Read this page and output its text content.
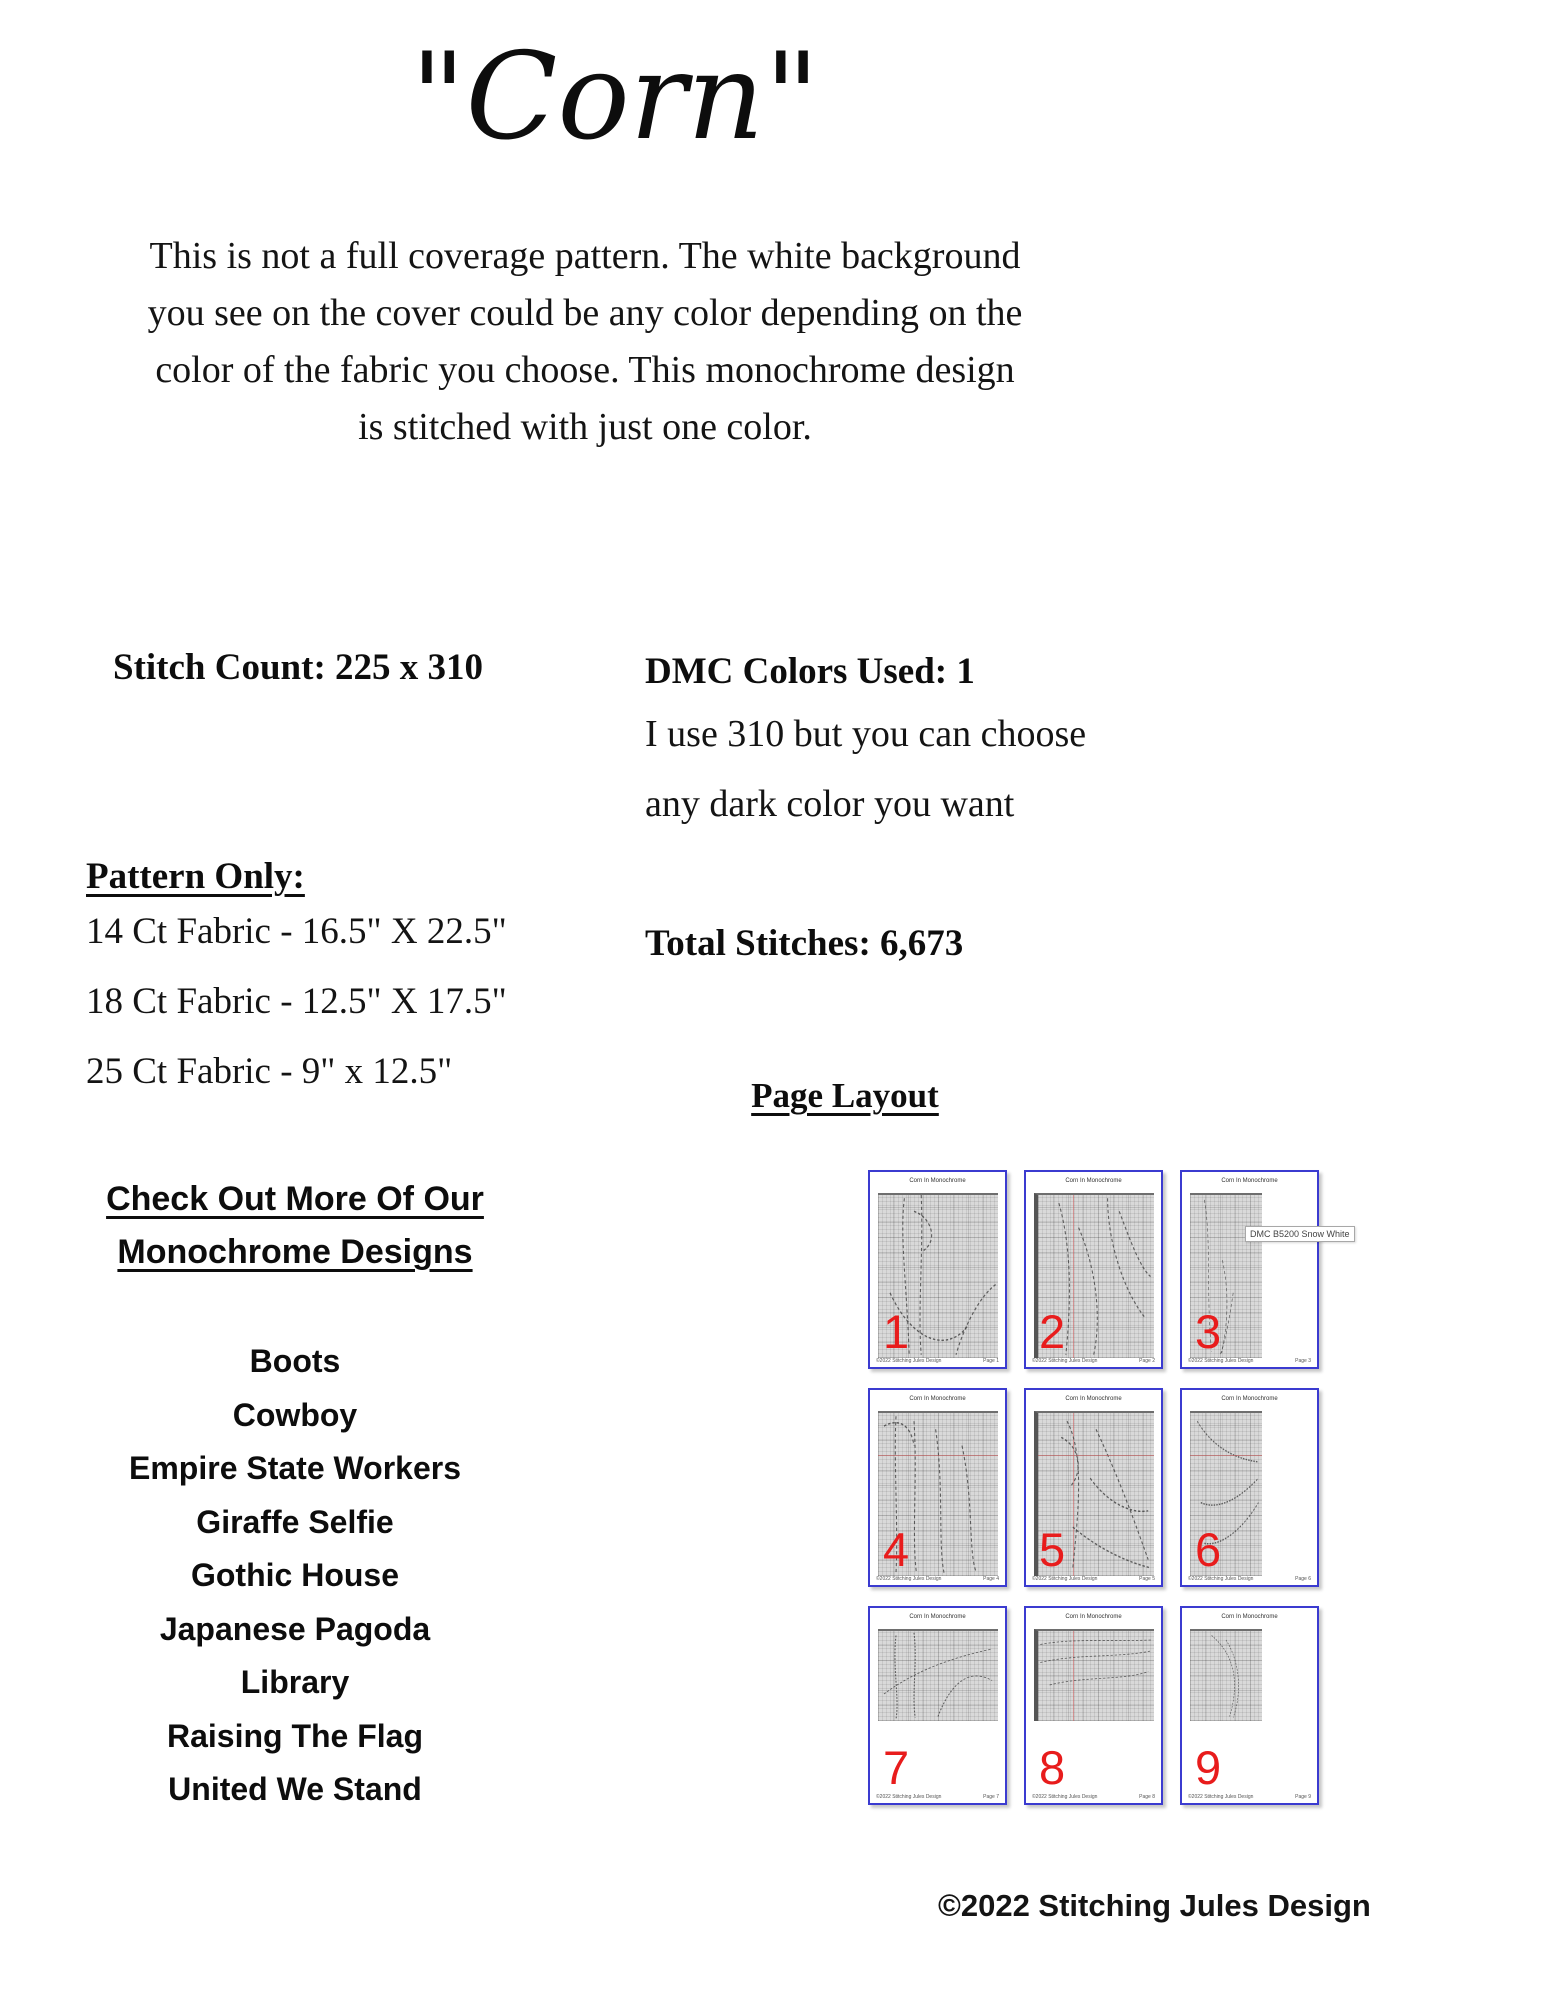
"Corn"
This is not a full coverage pattern. The white background
you see on the cover could be any color depending on the
color of the fabric you choose. This monochrome design
is stitched with just one color.
Stitch Count: 225 x 310
Pattern Only:
14 Ct Fabric - 16.5" X 22.5"
18 Ct Fabric - 12.5" X 17.5"
25 Ct Fabric - 9" x 12.5"
Check Out More Of Our
Monochrome Designs
Boots
Cowboy
Empire State Workers
Giraffe Selfie
Gothic House
Japanese Pagoda
Library
Raising The Flag
United We Stand
DMC Colors Used: 1
I use 310 but you can choose
any dark color you want
Total Stitches: 6,673
Page Layout
Corn In Monochrome
1
©2022 Stitching Jules Design	Page 1
Corn In Monochrome
2
©2022 Stitching Jules Design	Page 2
Corn In Monochrome
DMC B5200 Snow White
3
©2022 Stitching Jules Design	Page 3
Corn In Monochrome
4
©2022 Stitching Jules Design	Page 4
Corn In Monochrome
5
©2022 Stitching Jules Design	Page 5
Corn In Monochrome
6
©2022 Stitching Jules Design	Page 6
Corn In Monochrome
7
©2022 Stitching Jules Design	Page 7
Corn In Monochrome
8
©2022 Stitching Jules Design	Page 8
Corn In Monochrome
9
©2022 Stitching Jules Design	Page 9
©2022 Stitching Jules Design
